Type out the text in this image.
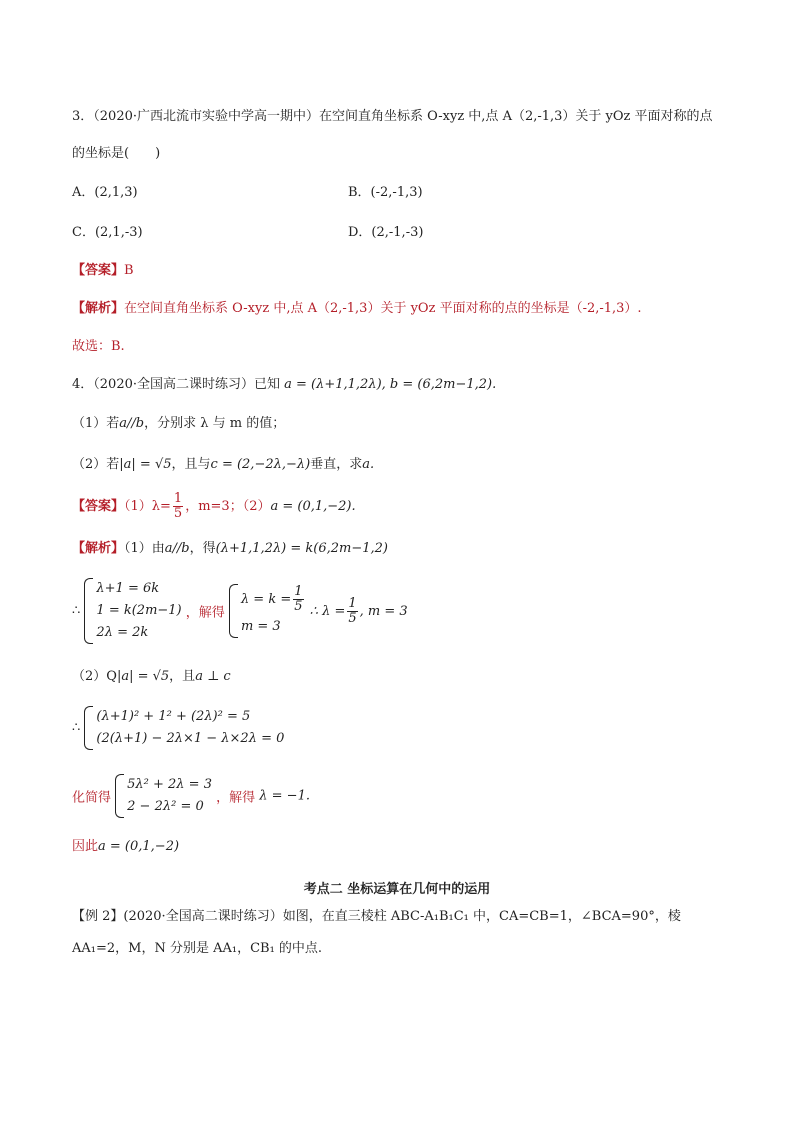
3．（2020·广西北流市实验中学高一期中）在空间直角坐标系 O-xyz 中,点 A（2,-1,3）关于 yOz 平面对称的点
的坐标是(　　)
A．(2,1,3)	B．(-2,-1,3)
C．(2,1,-3)	D．(2,-1,-3)
【答案】B
【解析】在空间直角坐标系 O-xyz 中,点 A（2,-1,3）关于 yOz 平面对称的点的坐标是（-2,-1,3）.
故选：B.
4．（2020·全国高二课时练习）已知 a = (λ+1,1,2λ), b = (6,2m−1,2).
（1）若a//b，分别求 λ 与 m 的值；
（2）若|a| = √5，且与c = (2,−2λ,−λ)垂直，求a.
【答案】$(1)\lambda= \frac{1}{5}$ ，m=3；（2）a = (0,1,−2).
【解析】（1）由a//b，得(λ+1,1,2λ) = k(6,2m−1,2)
∴
λ+1 = 6k
1 = k(2m−1)
2λ = 2k
，解得
$\lambda = k = \frac{1}{5}$
m = 3
∴ $\lambda = \frac{1}{5}$ , m = 3
（2）Q|a| = √5，且a ⊥ c
∴
(λ+1)² + 1² + (2λ)² = 5
(2(λ+1) − 2λ×1 − λ×2λ = 0
化简得
5λ² + 2λ = 3
2 − 2λ² = 0
，解得 λ = −1.
因此a = (0,1,−2)
考点二 坐标运算在几何中的运用
【例 2】(2020·全国高二课时练习）如图，在直三棱柱 ABC-A₁B₁C₁ 中，CA=CB=1，∠BCA=90°，棱
AA₁=2，M，N 分别是 AA₁，CB₁ 的中点.
